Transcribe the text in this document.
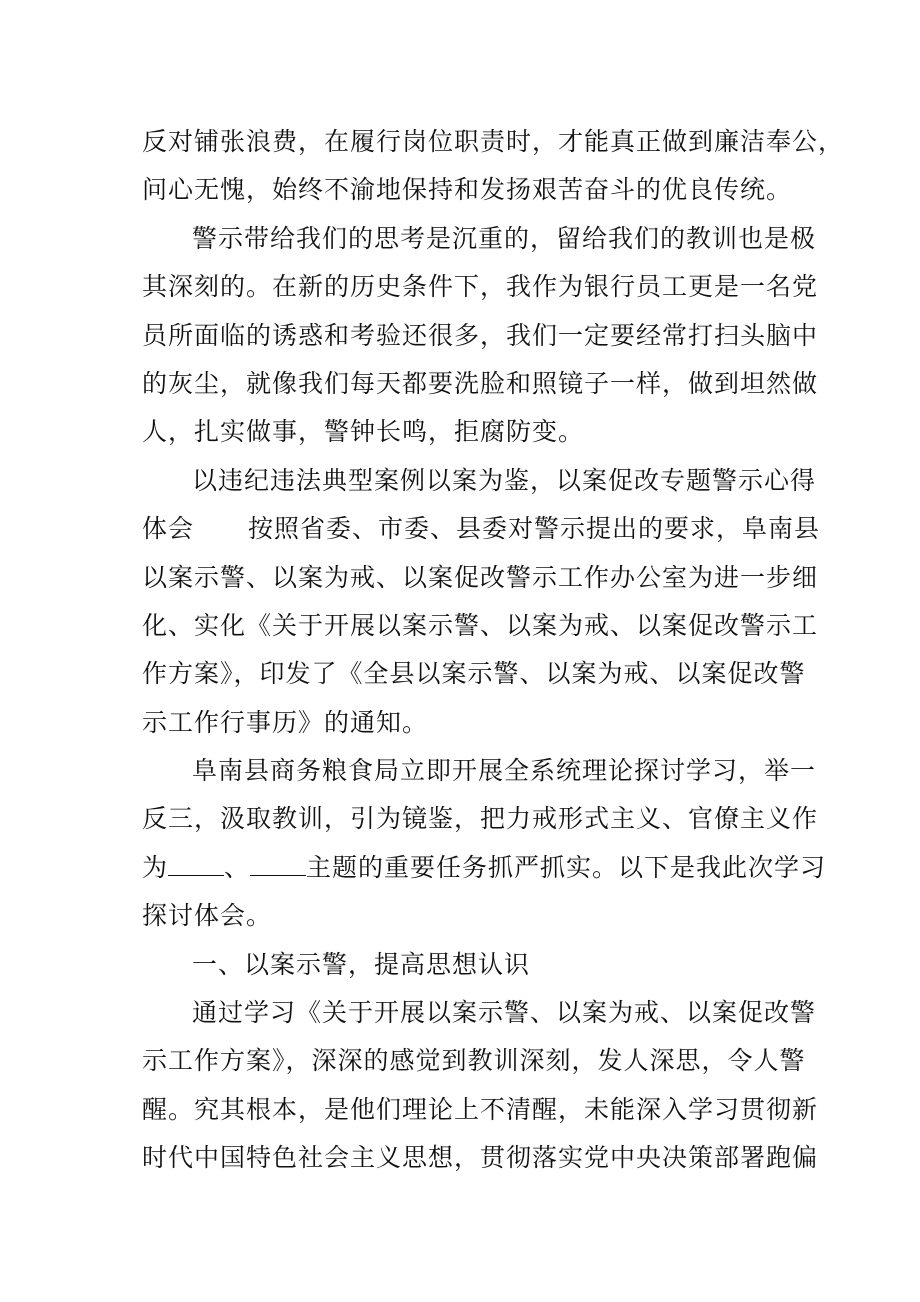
反对铺张浪费，在履行岗位职责时，才能真正做到廉洁奉公，

问心无愧，始终不渝地保持和发扬艰苦奋斗的优良传统。

警示带给我们的思考是沉重的，留给我们的教训也是极

其深刻的。在新的历史条件下，我作为银行员工更是一名党

员所面临的诱惑和考验还很多，我们一定要经常打扫头脑中

的灰尘，就像我们每天都要洗脸和照镜子一样，做到坦然做

人，扎实做事，警钟长鸣，拒腐防变。

以违纪违法典型案例以案为鉴，以案促改专题警示心得

体会 按照省委、市委、县委对警示提出的要求，阜南县

以案示警、以案为戒、以案促改警示工作办公室为进一步细

化、实化《关于开展以案示警、以案为戒、以案促改警示工

作方案》，印发了《全县以案示警、以案为戒、以案促改警

示工作行事历》的通知。

阜南县商务粮食局立即开展全系统理论探讨学习，举一

反三，汲取教训，引为镜鉴，把力戒形式主义、官僚主义作

为 、 主题的重要任务抓严抓实。以下是我此次学习

探讨体会。

一、以案示警，提高思想认识

通过学习《关于开展以案示警、以案为戒、以案促改警

示工作方案》，深深的感觉到教训深刻，发人深思，令人警

醒。究其根本，是他们理论上不清醒，未能深入学习贯彻新

时代中国特色社会主义思想，贯彻落实党中央决策部署跑偏
